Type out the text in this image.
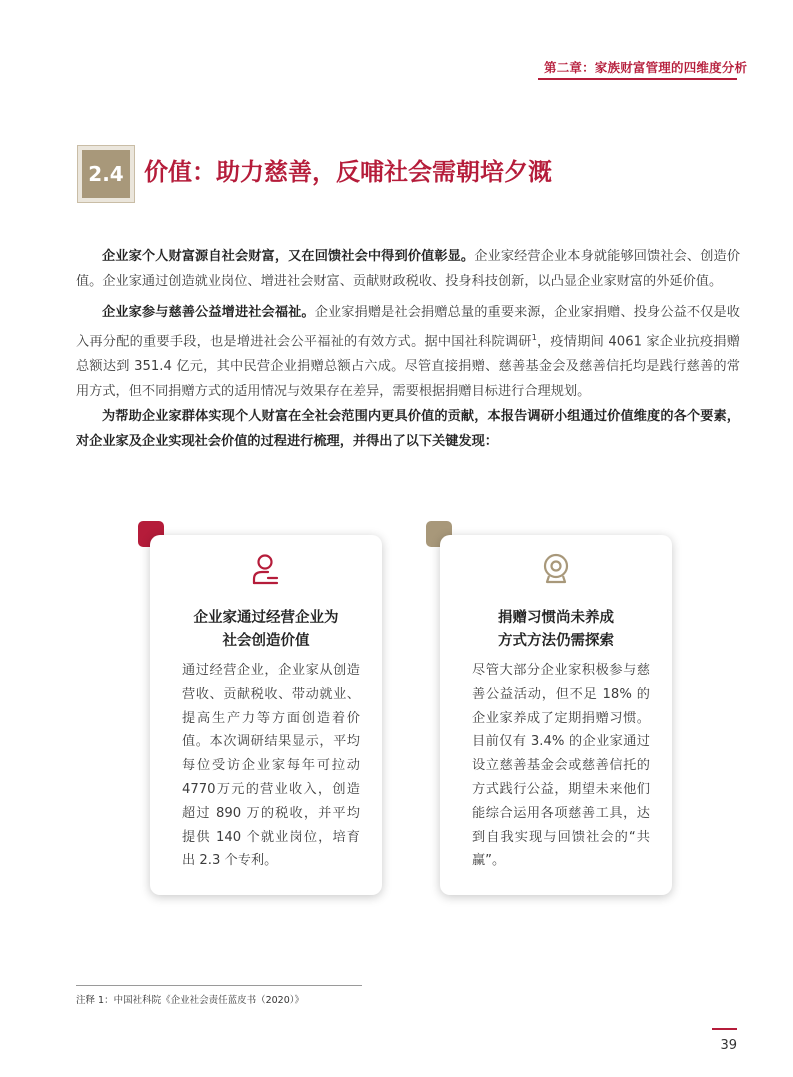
第二章：家族财富管理的四维度分析
2.4 价值：助力慈善，反哺社会需朝培夕溉

企业家个人财富源自社会财富，又在回馈社会中得到价值彰显。企业家经营企业本身就能够回馈社会、创造价值。企业家通过创造就业岗位、增进社会财富、贡献财政税收、投身科技创新，以凸显企业家财富的外延价值。

企业家参与慈善公益增进社会福祉。企业家捐赠是社会捐赠总量的重要来源，企业家捐赠、投身公益不仅是收入再分配的重要手段，也是增进社会公平福祉的有效方式。据中国社科院调研$^1$，疫情期间 4061 家企业抗疫捐赠总额达到 351.4 亿元，其中民营企业捐赠总额占六成。尽管直接捐赠、慈善基金会及慈善信托均是践行慈善的常用方式，但不同捐赠方式的适用情况与效果存在差异，需要根据捐赠目标进行合理规划。

为帮助企业家群体实现个人财富在全社会范围内更具价值的贡献，本报告调研小组通过价值维度的各个要素，对企业家及企业实现社会价值的过程进行梳理，并得出了以下关键发现：

企业家通过经营企业为
社会创造价值
通过经营企业，企业家从创造营收、贡献税收、带动就业、提高生产力等方面创造着价值。本次调研结果显示，平均每位受访企业家每年可拉动4770万元的营业收入，创造超过 890 万的税收，并平均提供 140 个就业岗位，培育出 2.3 个专利。
捐赠习惯尚未养成
方式方法仍需探索
尽管大部分企业家积极参与慈善公益活动，但不足 18% 的企业家养成了定期捐赠习惯。目前仅有 3.4% 的企业家通过设立慈善基金会或慈善信托的方式践行公益，期望未来他们能综合运用各项慈善工具，达到自我实现与回馈社会的“共赢”。
注释 1：中国社科院《企业社会责任蓝皮书（2020）》
39
